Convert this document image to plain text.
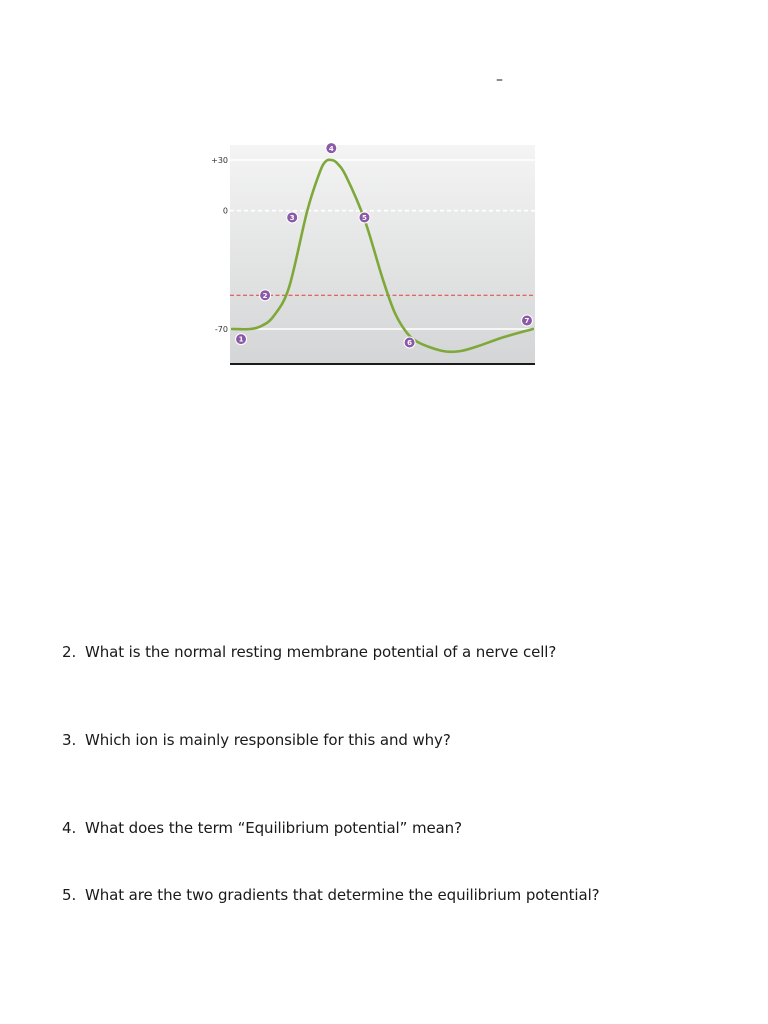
–
+30
0
-70
1
2
3
4
5
6
7
2. What is the normal resting membrane potential of a nerve cell?
3. Which ion is mainly responsible for this and why?
4. What does the term “Equilibrium potential” mean?
5. What are the two gradients that determine the equilibrium potential?
